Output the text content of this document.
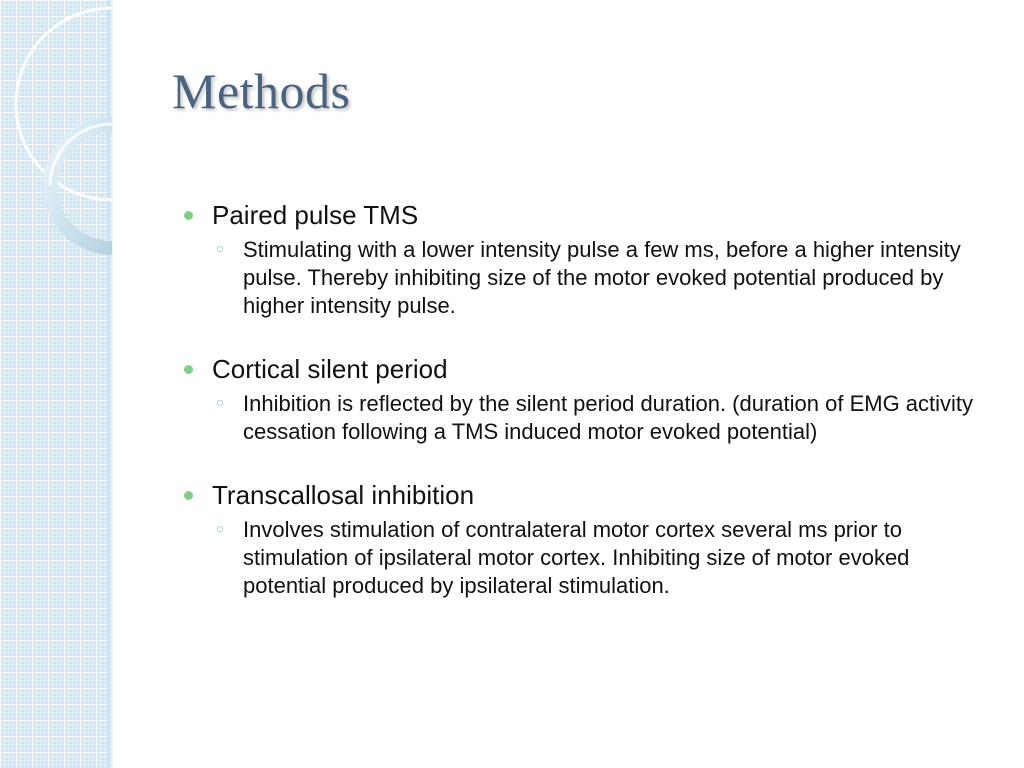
Methods
Paired pulse TMS
○ Stimulating with a lower intensity pulse a few ms, before a higher intensity pulse. Thereby inhibiting size of the motor evoked potential produced by higher intensity pulse.
Cortical silent period
○ Inhibition is reflected by the silent period duration. (duration of EMG activity cessation following a TMS induced motor evoked potential)
Transcallosal inhibition
○ Involves stimulation of contralateral motor cortex several ms prior to stimulation of ipsilateral motor cortex. Inhibiting size of motor evoked potential produced by ipsilateral stimulation.
